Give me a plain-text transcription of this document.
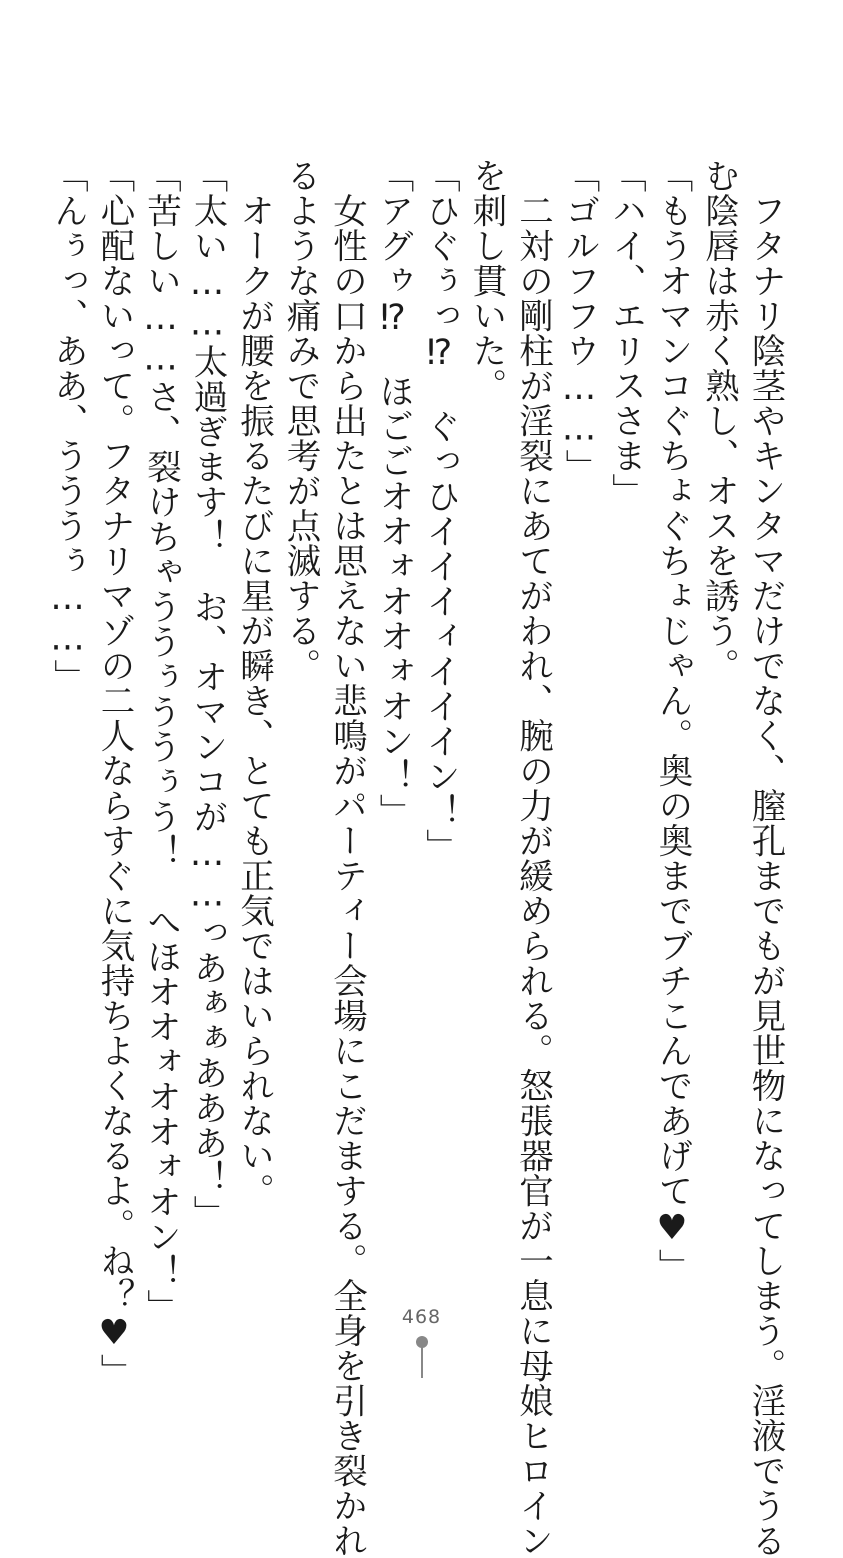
　フタナリ陰茎やキンタマだけでなく、膣孔までもが見世物になってしまう。淫液でうる
む陰唇は赤く熟し、オスを誘う。
「もうオマンコぐちょぐちょじゃん。奥の奥までブチこんであげて♥」
「ハイ、エリスさま」
「ゴルフフウ……」
　二対の剛柱が淫裂にあてがわれ、腕の力が緩められる。怒張器官が一息に母娘ヒロイン
を刺し貫いた。
「ひぐぅっ⁉　ぐっひイイイィイイイン！」
「アグゥ⁉　ほごごオオォオオォオン！」
　女性の口から出たとは思えない悲鳴がパーティー会場にこだまする。全身を引き裂かれ
るような痛みで思考が点滅する。
　オークが腰を振るたびに星が瞬き、とても正気ではいられない。
「太い……太過ぎます！　お、オマンコが……っあぁぁあああ！」
「苦しい……さ、裂けちゃううぅううぅう！　へほオオォオオォオン！」
「心配ないって。フタナリマゾの二人ならすぐに気持ちよくなるよ。ね？♥」
「んぅっ、ああ、うううぅ……」
468
